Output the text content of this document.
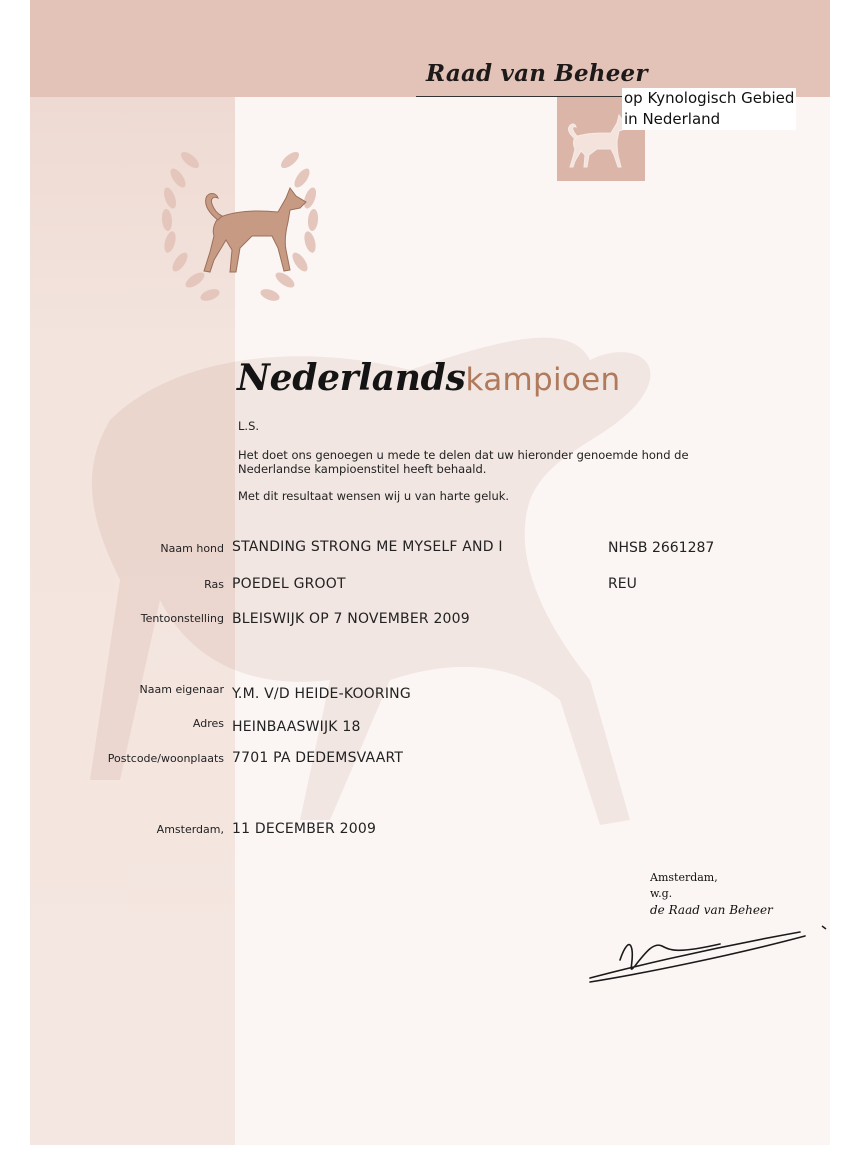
Raad van Beheer
Nederlandskampioen
L.S.
Het doet ons genoegen u mede te delen dat uw hieronder genoemde hond de Nederlandse kampioenstitel heeft behaald.
Met dit resultaat wensen wij u van harte geluk.
Naam hond STANDING STRONG ME MYSELF AND I	NHSB 2661287
Ras POEDEL GROOT	REU
Tentoonstelling BLEISWIJK OP 7 NOVEMBER 2009
Naam eigenaar Y.M. V/D HEIDE-KOORING
Adres HEINBAASWIJK 18
Postcode/woonplaats 7701 PA DEDEMSVAART
Amsterdam, 11 DECEMBER 2009
Amsterdam,
w.g.
de Raad van Beheer
op Kynologisch Gebied
in Nederland
